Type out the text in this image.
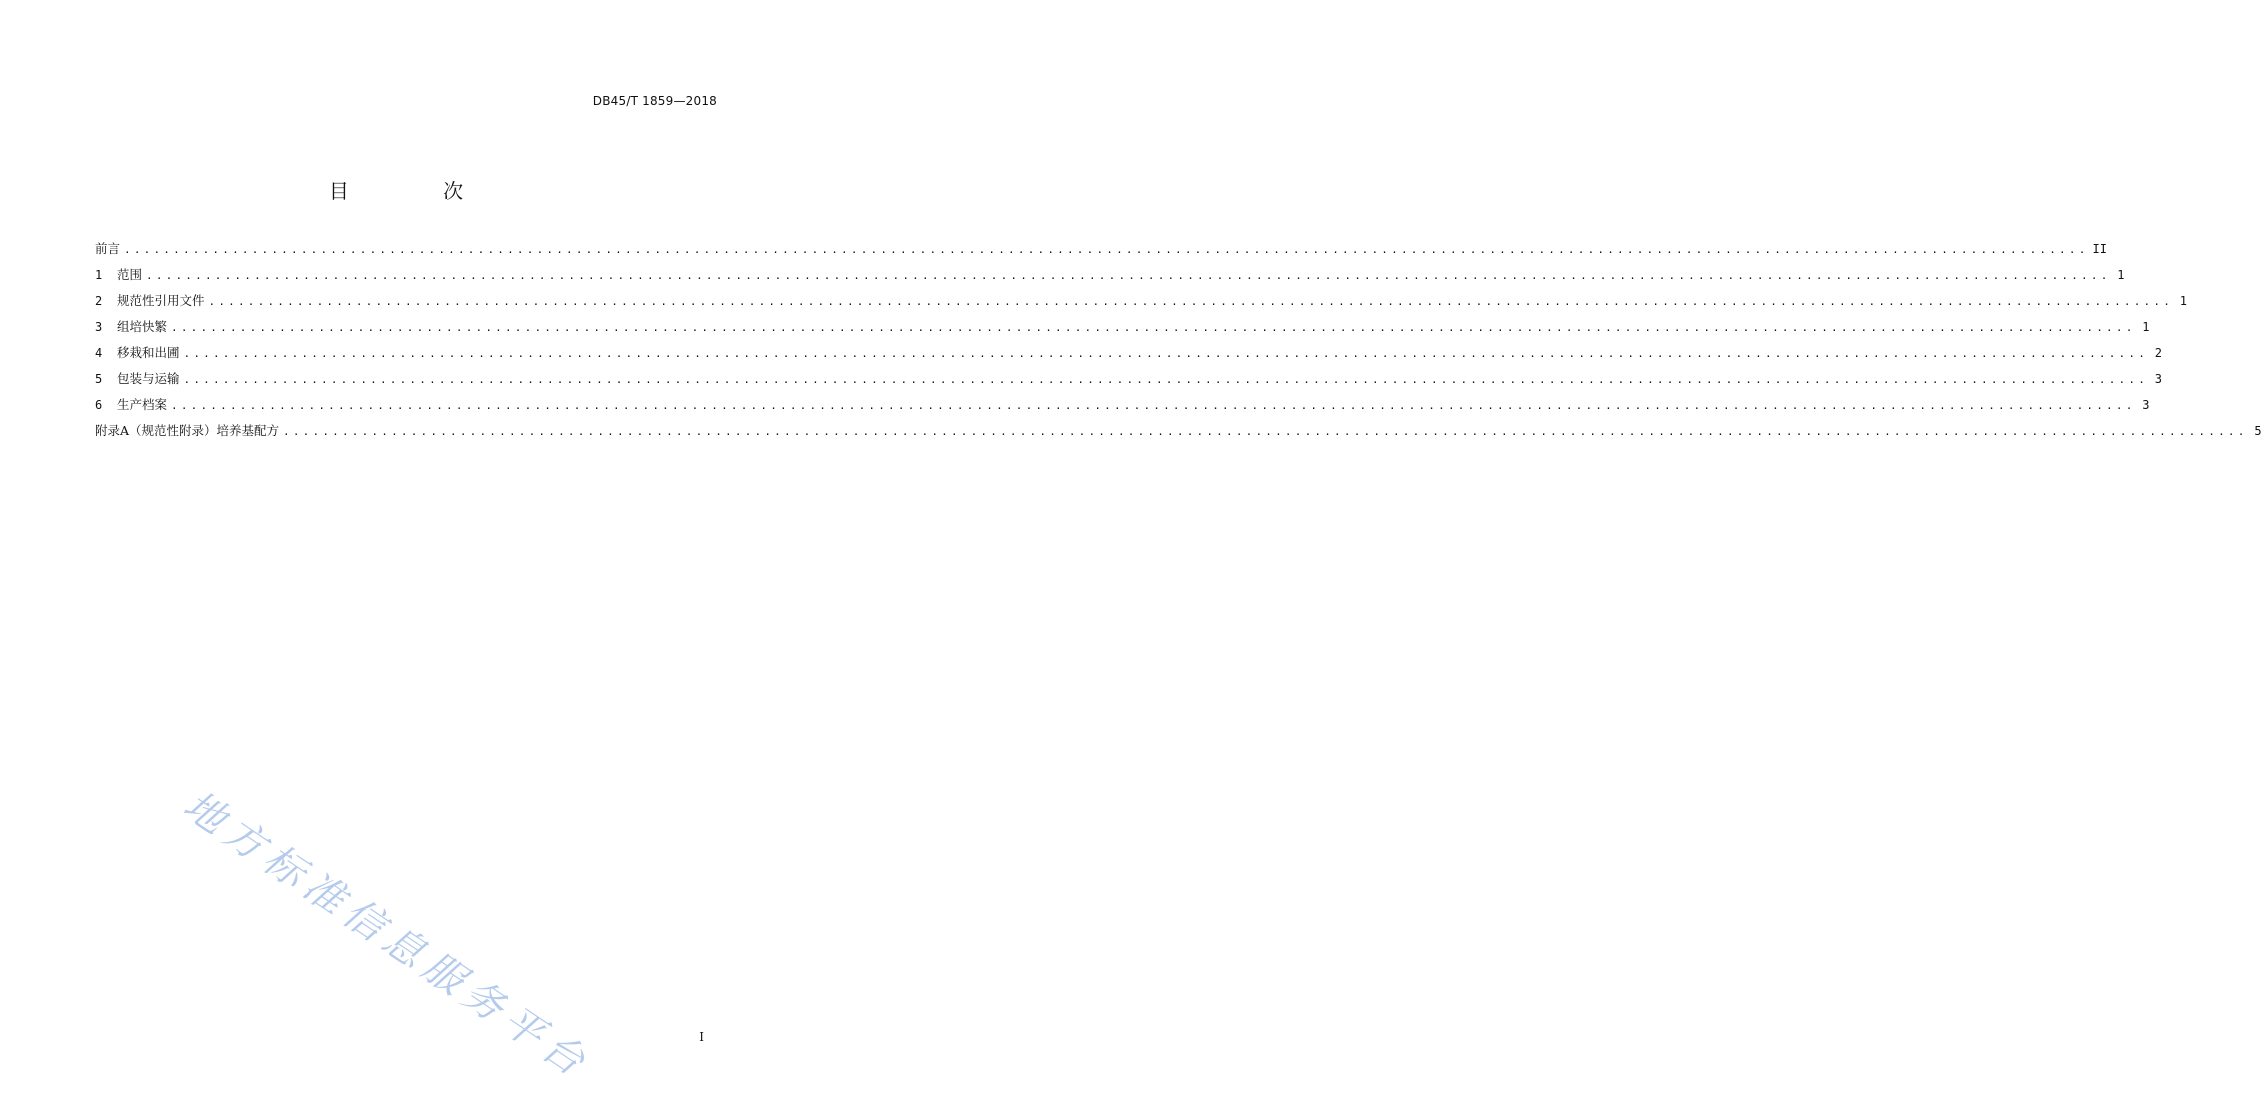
DB45/T 1859—2018
目 次
前言 ........................................................................................................................................................................................................ II
1	范围 ........................................................................................................................................................................................................ 1
2	规范性引用文件 ........................................................................................................................................................................................................ 1
3	组培快繁 ........................................................................................................................................................................................................ 1
4	移栽和出圃 ........................................................................................................................................................................................................ 2
5	包装与运输 ........................................................................................................................................................................................................ 3
6	生产档案 ........................................................................................................................................................................................................ 3
附录A（规范性附录）培养基配方 ........................................................................................................................................................................................................ 5
地方标准信息服务平台	I
